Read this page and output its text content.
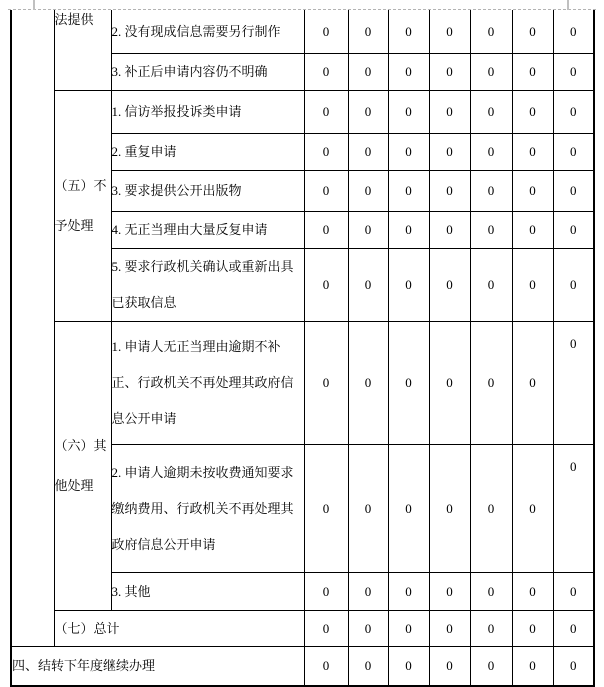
	法提供	2. 没有现成信息需要另行制作	0	0	0	0	0	0	0
		3. 补正后申请内容仍不明确	0	0	0	0	0	0	0
	（五）不予处理	1. 信访举报投诉类申请	0	0	0	0	0	0	0
		2. 重复申请	0	0	0	0	0	0	0
		3. 要求提供公开出版物	0	0	0	0	0	0	0
		4. 无正当理由大量反复申请	0	0	0	0	0	0	0
		5. 要求行政机关确认或重新出具已获取信息	0	0	0	0	0	0	0
	（六）其他处理	1. 申请人无正当理由逾期不补正、行政机关不再处理其政府信息公开申请	0	0	0	0	0	0	0
		2. 申请人逾期未按收费通知要求缴纳费用、行政机关不再处理其政府信息公开申请	0	0	0	0	0	0	0
		3. 其他	0	0	0	0	0	0	0
	（七）总计		0	0	0	0	0	0	0
四、结转下年度继续办理			0	0	0	0	0	0	0
